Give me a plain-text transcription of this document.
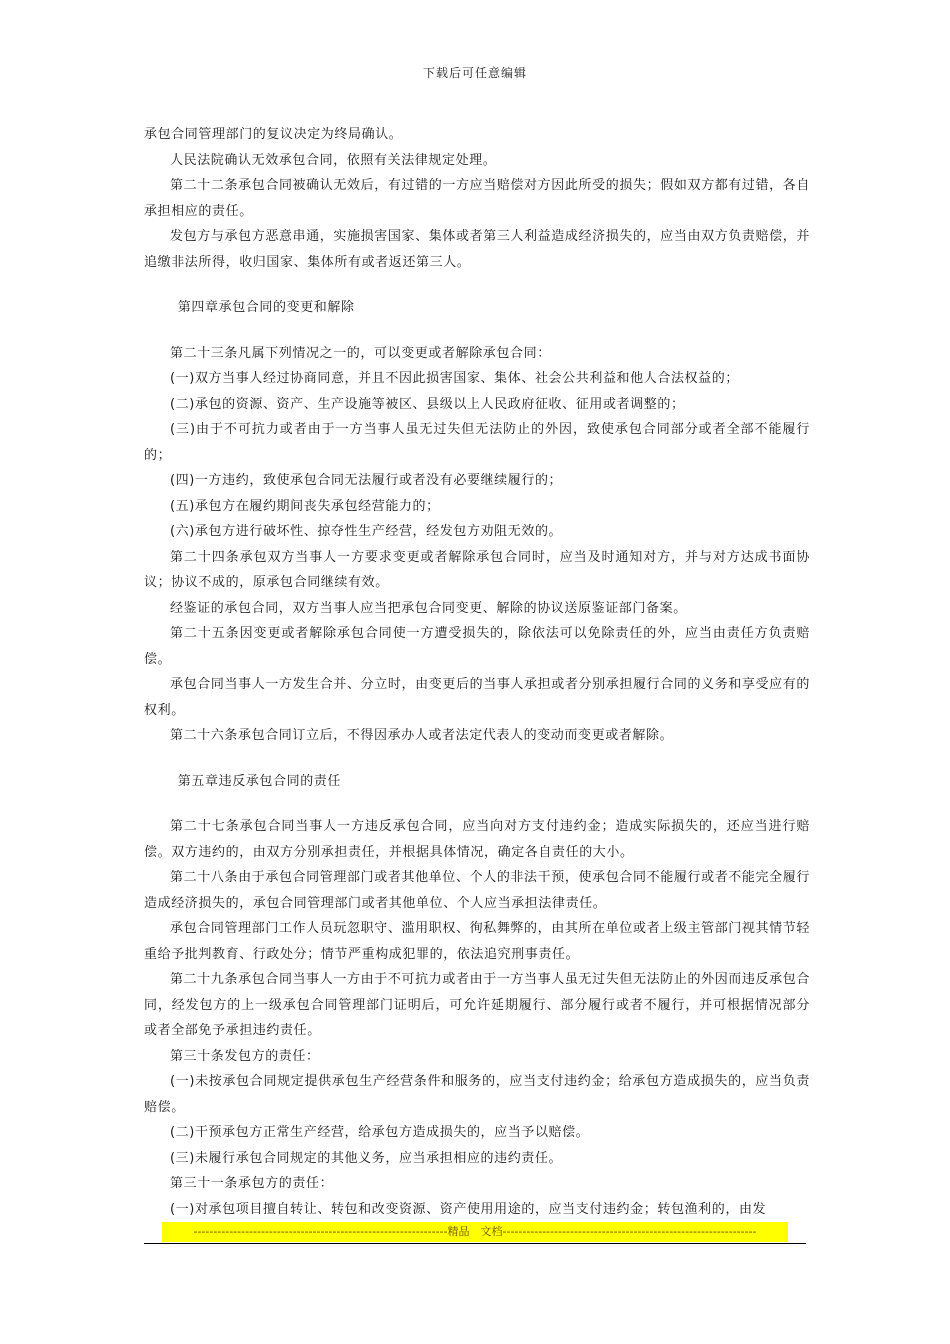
下载后可任意编辑

承包合同管理部门的复议决定为终局确认。

人民法院确认无效承包合同，依照有关法律规定处理。

第二十二条承包合同被确认无效后，有过错的一方应当赔偿对方因此所受的损失；假如双方都有过错，各自承担相应的责任。

发包方与承包方恶意串通，实施损害国家、集体或者第三人利益造成经济损失的，应当由双方负责赔偿，并追缴非法所得，收归国家、集体所有或者返还第三人。

第四章承包合同的变更和解除

第二十三条凡属下列情况之一的，可以变更或者解除承包合同：

(一)双方当事人经过协商同意，并且不因此损害国家、集体、社会公共利益和他人合法权益的；

(二)承包的资源、资产、生产设施等被区、县级以上人民政府征收、征用或者调整的；

(三)由于不可抗力或者由于一方当事人虽无过失但无法防止的外因，致使承包合同部分或者全部不能履行的；

(四)一方违约，致使承包合同无法履行或者没有必要继续履行的；

(五)承包方在履约期间丧失承包经营能力的；

(六)承包方进行破坏性、掠夺性生产经营，经发包方劝阻无效的。

第二十四条承包双方当事人一方要求变更或者解除承包合同时，应当及时通知对方，并与对方达成书面协议；协议不成的，原承包合同继续有效。

经鉴证的承包合同，双方当事人应当把承包合同变更、解除的协议送原鉴证部门备案。

第二十五条因变更或者解除承包合同使一方遭受损失的，除依法可以免除责任的外，应当由责任方负责赔偿。

承包合同当事人一方发生合并、分立时，由变更后的当事人承担或者分别承担履行合同的义务和享受应有的权利。

第二十六条承包合同订立后，不得因承办人或者法定代表人的变动而变更或者解除。

第五章违反承包合同的责任

第二十七条承包合同当事人一方违反承包合同，应当向对方支付违约金；造成实际损失的，还应当进行赔偿。双方违约的，由双方分别承担责任，并根据具体情况，确定各自责任的大小。

第二十八条由于承包合同管理部门或者其他单位、个人的非法干预，使承包合同不能履行或者不能完全履行造成经济损失的，承包合同管理部门或者其他单位、个人应当承担法律责任。

承包合同管理部门工作人员玩忽职守、滥用职权、徇私舞弊的，由其所在单位或者上级主管部门视其情节轻重给予批判教育、行政处分；情节严重构成犯罪的，依法追究刑事责任。

第二十九条承包合同当事人一方由于不可抗力或者由于一方当事人虽无过失但无法防止的外因而违反承包合同，经发包方的上一级承包合同管理部门证明后，可允许延期履行、部分履行或者不履行，并可根据情况部分或者全部免予承担违约责任。

第三十条发包方的责任：

(一)未按承包合同规定提供承包生产经营条件和服务的，应当支付违约金；给承包方造成损失的，应当负责赔偿。

(二)干预承包方正常生产经营，给承包方造成损失的，应当予以赔偿。

(三)未履行承包合同规定的其他义务，应当承担相应的违约责任。

第三十一条承包方的责任：

(一)对承包项目擅自转让、转包和改变资源、资产使用用途的，应当支付违约金；转包渔利的，由发

----------------------------------------------------------------精品　文档----------------------------------------------------------------
